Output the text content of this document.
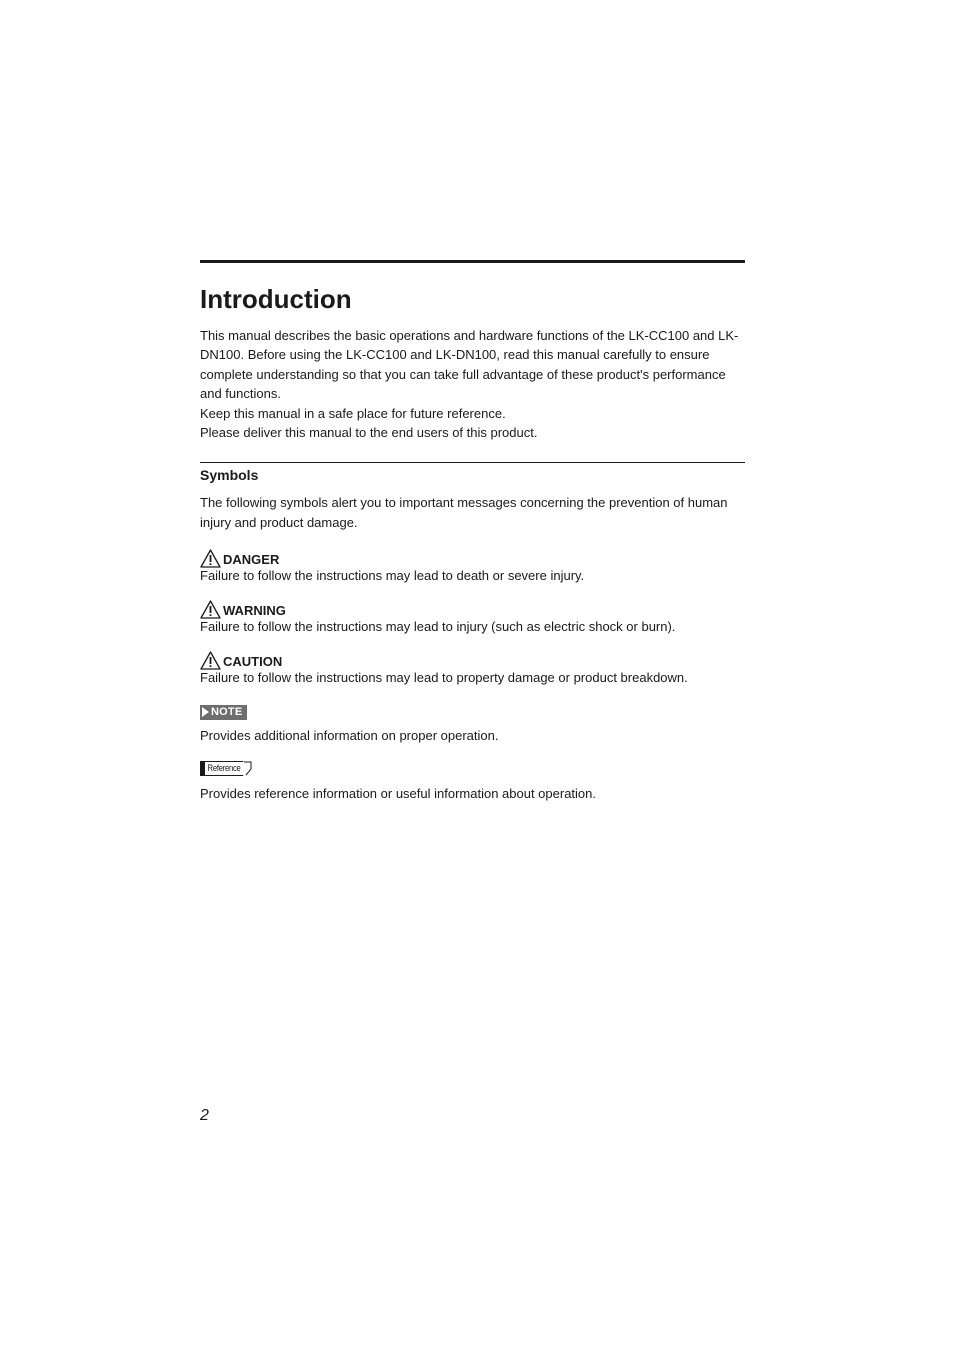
Introduction

This manual describes the basic operations and hardware functions of the LK-CC100 and LK-DN100. Before using the LK-CC100 and LK-DN100, read this manual carefully to ensure complete understanding so that you can take full advantage of these product's performance and functions.

Keep this manual in a safe place for future reference.

Please deliver this manual to the end users of this product.

Symbols

The following symbols alert you to important messages concerning the prevention of human injury and product damage.

DANGER
Failure to follow the instructions may lead to death or severe injury.
WARNING
Failure to follow the instructions may lead to injury (such as electric shock or burn).
CAUTION
Failure to follow the instructions may lead to property damage or product breakdown.
NOTE
Provides additional information on proper operation.
Reference
Provides reference information or useful information about operation.
2
